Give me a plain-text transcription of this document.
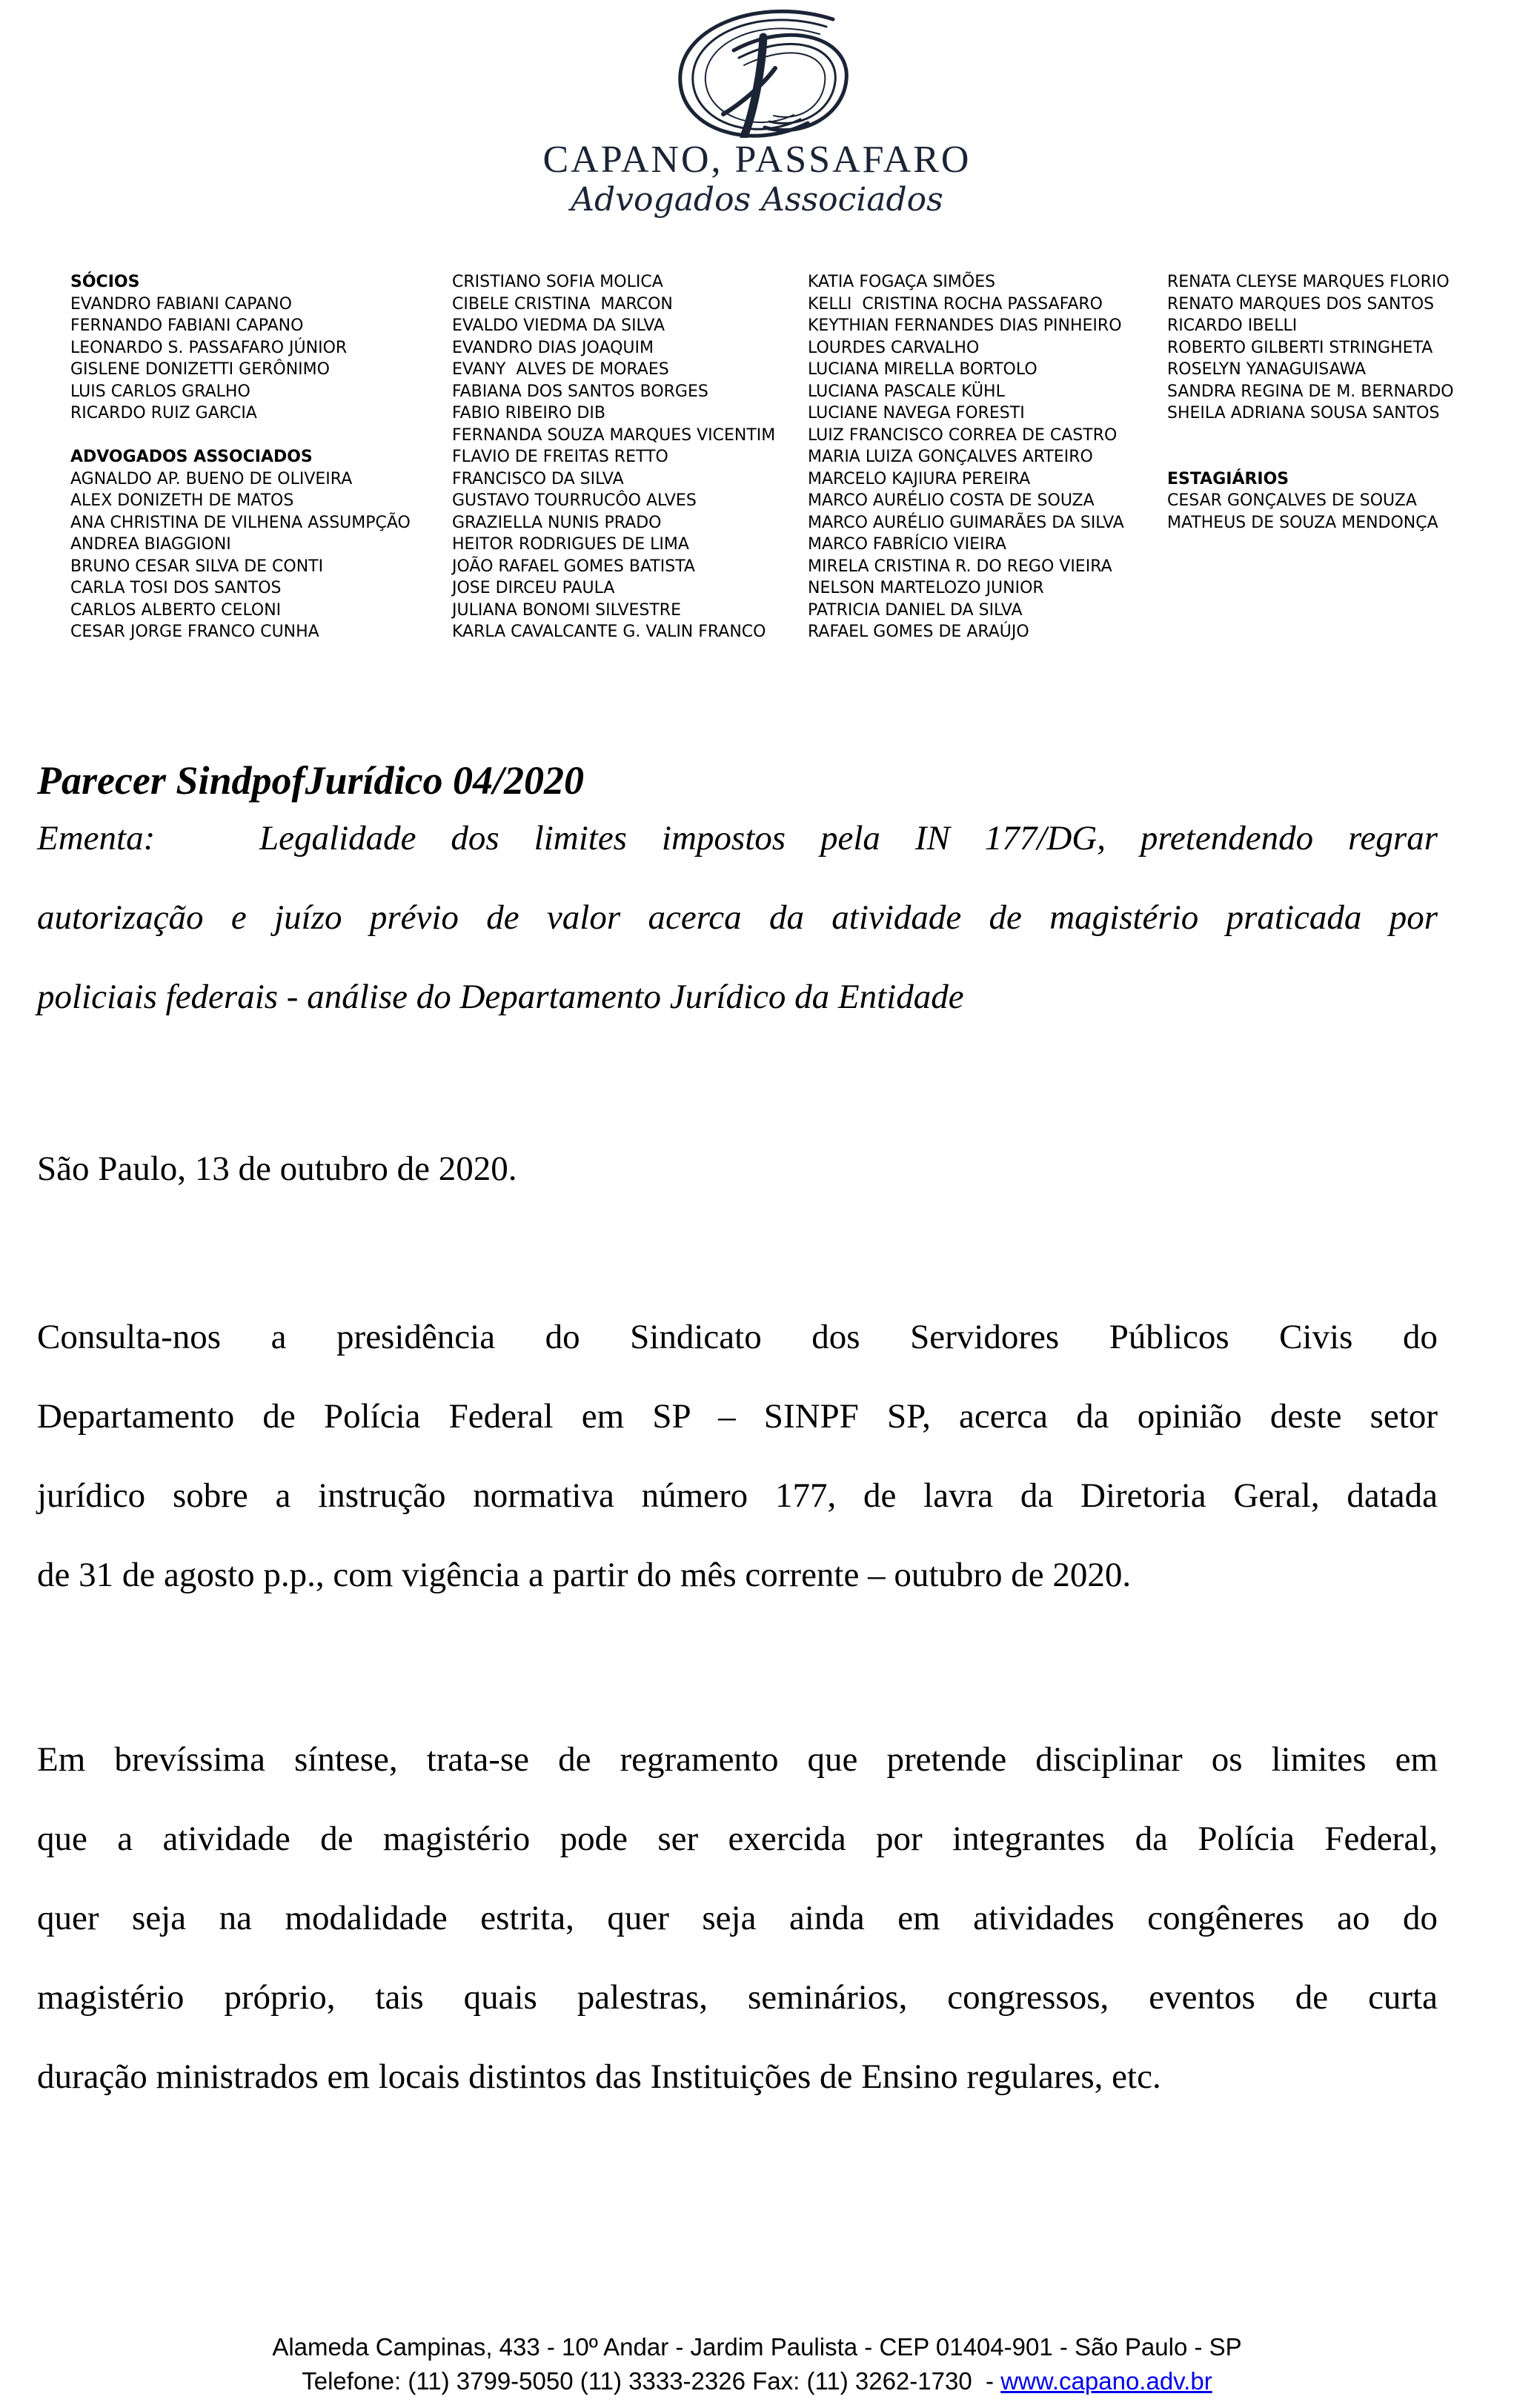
CAPANO, PASSAFARO
Advogados Associados
SÓCIOS
EVANDRO FABIANI CAPANO
FERNANDO FABIANI CAPANO
LEONARDO S. PASSAFARO JÚNIOR
GISLENE DONIZETTI GERÔNIMO
LUIS CARLOS GRALHO
RICARDO RUIZ GARCIA
ADVOGADOS ASSOCIADOS
AGNALDO AP. BUENO DE OLIVEIRA
ALEX DONIZETH DE MATOS
ANA CHRISTINA DE VILHENA ASSUMPÇÃO
ANDREA BIAGGIONI
BRUNO CESAR SILVA DE CONTI
CARLA TOSI DOS SANTOS
CARLOS ALBERTO CELONI
CESAR JORGE FRANCO CUNHA
CRISTIANO SOFIA MOLICA
CIBELE CRISTINA  MARCON
EVALDO VIEDMA DA SILVA
EVANDRO DIAS JOAQUIM
EVANY  ALVES DE MORAES
FABIANA DOS SANTOS BORGES
FABIO RIBEIRO DIB
FERNANDA SOUZA MARQUES VICENTIM
FLAVIO DE FREITAS RETTO
FRANCISCO DA SILVA
GUSTAVO TOURRUCÔO ALVES
GRAZIELLA NUNIS PRADO
HEITOR RODRIGUES DE LIMA
JOÃO RAFAEL GOMES BATISTA
JOSE DIRCEU PAULA
JULIANA BONOMI SILVESTRE
KARLA CAVALCANTE G. VALIN FRANCO
KATIA FOGAÇA SIMÕES
KELLI  CRISTINA ROCHA PASSAFARO
KEYTHIAN FERNANDES DIAS PINHEIRO
LOURDES CARVALHO
LUCIANA MIRELLA BORTOLO
LUCIANA PASCALE KÜHL
LUCIANE NAVEGA FORESTI
LUIZ FRANCISCO CORREA DE CASTRO
MARIA LUIZA GONÇALVES ARTEIRO
MARCELO KAJIURA PEREIRA
MARCO AURÉLIO COSTA DE SOUZA
MARCO AURÉLIO GUIMARÃES DA SILVA
MARCO FABRÍCIO VIEIRA
MIRELA CRISTINA R. DO REGO VIEIRA
NELSON MARTELOZO JUNIOR
PATRICIA DANIEL DA SILVA
RAFAEL GOMES DE ARAÚJO
RENATA CLEYSE MARQUES FLORIO
RENATO MARQUES DOS SANTOS
RICARDO IBELLI
ROBERTO GILBERTI STRINGHETA
ROSELYN YANAGUISAWA
SANDRA REGINA DE M. BERNARDO
SHEILA ADRIANA SOUSA SANTOS
ESTAGIÁRIOS
CESAR GONÇALVES DE SOUZA
MATHEUS DE SOUZA MENDONÇA
Parecer SindpofJurídico 04/2020
Ementa:   Legalidade dos limites impostos pela IN 177/DG, pretendendo regrar
autorização e juízo prévio de valor acerca da atividade de magistério praticada por
policiais federais - análise do Departamento Jurídico da Entidade
São Paulo, 13 de outubro de 2020.
Consulta-nos a presidência do Sindicato dos Servidores Públicos Civis do
Departamento de Polícia Federal em SP – SINPF SP, acerca da opinião deste setor
jurídico sobre a instrução normativa número 177, de lavra da Diretoria Geral, datada
de 31 de agosto p.p., com vigência a partir do mês corrente – outubro de 2020.
Em brevíssima síntese, trata-se de regramento que pretende disciplinar os limites em
que a atividade de magistério pode ser exercida por integrantes da Polícia Federal,
quer seja na modalidade estrita, quer seja ainda em atividades congêneres ao do
magistério próprio, tais quais palestras, seminários, congressos, eventos de curta
duração ministrados em locais distintos das Instituições de Ensino regulares, etc.
Alameda Campinas, 433 - 10º Andar - Jardim Paulista - CEP 01404-901 - São Paulo - SP
Telefone: (11) 3799-5050 (11) 3333-2326 Fax: (11) 3262-1730  - www.capano.adv.br
